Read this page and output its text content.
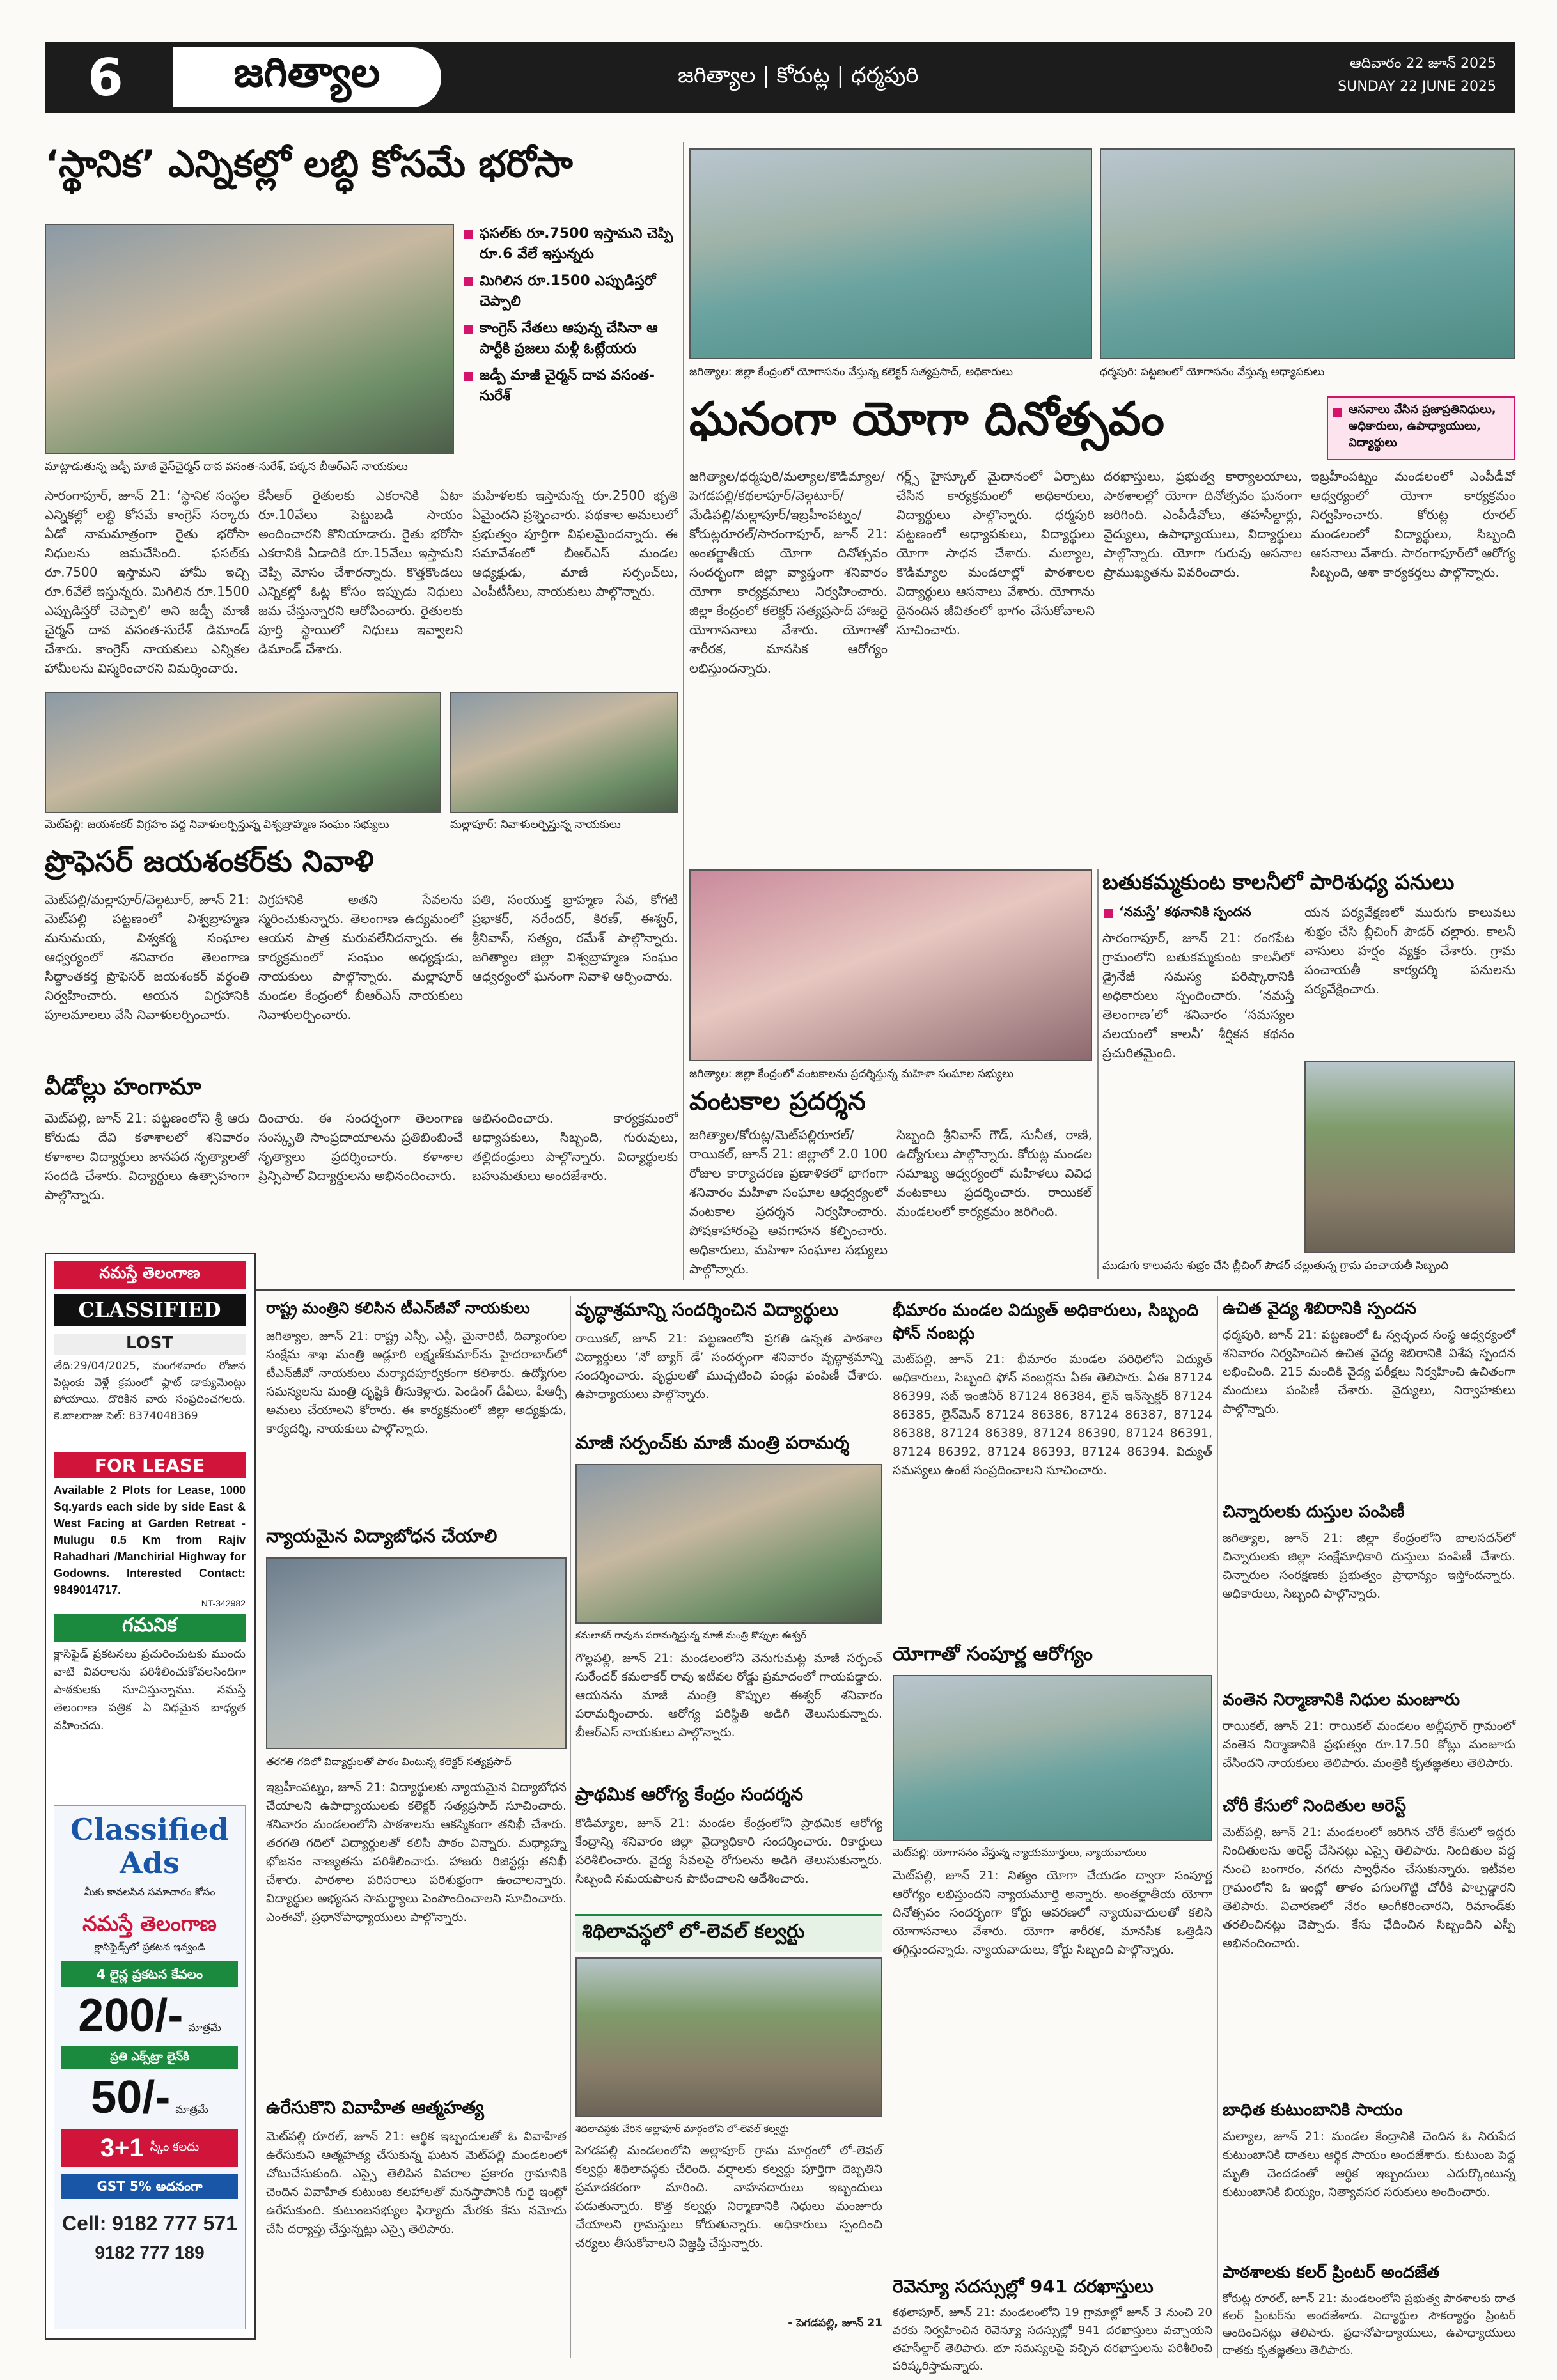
6	జగిత్యాల	జగిత్యాల | కోరుట్ల | ధర్మపురి	ఆదివారం 22 జూన్ 2025
SUNDAY 22 JUNE 2025
‘స్థానిక’ ఎన్నికల్లో లబ్ధి కోసమే భరోసా
మాట్లాడుతున్న జడ్పీ మాజీ వైస్‌చైర్మన్ దావ వసంత-సురేశ్, పక్కన బీఆర్‌ఎస్ నాయకులు
ఫసల్‌కు రూ.7500 ఇస్తామని చెప్పి రూ.6 వేలే ఇస్తున్నరు
మిగిలిన రూ.1500 ఎప్పుడిస్తరో చెప్పాలి
కాంగ్రెస్ నేతలు ఆపున్న చేసినా ఆ పార్టీకి ప్రజలు మళ్లీ ఓట్లేయరు
జడ్పీ మాజీ చైర్మన్ దావ వసంత-సురేశ్
సారంగాపూర్, జూన్ 21: ‘స్థానిక సంస్థల ఎన్నికల్లో లబ్ధి కోసమే కాంగ్రెస్ సర్కారు ఏడో నామమాత్రంగా రైతు భరోసా నిధులను జమచేసింది. ఫసల్‌కు రూ.7500 ఇస్తామని హామీ ఇచ్చి రూ.6వేలే ఇస్తున్నరు. మిగిలిన రూ.1500 ఎప్పుడిస్తరో చెప్పాలి’ అని జడ్పీ మాజీ చైర్మన్ దావ వసంత-సురేశ్ డిమాండ్ చేశారు. కాంగ్రెస్ నాయకులు ఎన్నికల హామీలను విస్మరించారని విమర్శించారు.
కేసీఆర్ రైతులకు ఎకరానికి ఏటా రూ.10వేలు పెట్టుబడి సాయం అందించారని కొనియాడారు. రైతు భరోసా ఎకరానికి ఏడాదికి రూ.15వేలు ఇస్తామని చెప్పి మోసం చేశారన్నారు. కొత్తకొండలు ఎన్నికల్లో ఓట్ల కోసం ఇప్పుడు నిధులు జమ చేస్తున్నారని ఆరోపించారు. రైతులకు పూర్తి స్థాయిలో నిధులు ఇవ్వాలని డిమాండ్ చేశారు.
మహిళలకు ఇస్తామన్న రూ.2500 భృతి ఏమైందని ప్రశ్నించారు. పథకాల అమలులో ప్రభుత్వం పూర్తిగా విఫలమైందన్నారు. ఈ సమావేశంలో బీఆర్‌ఎస్ మండల అధ్యక్షుడు, మాజీ సర్పంచ్‌లు, ఎంపీటీసీలు, నాయకులు పాల్గొన్నారు.
మెట్‌పల్లి: జయశంకర్ విగ్రహం వద్ద నివాళులర్పిస్తున్న విశ్వబ్రాహ్మణ సంఘం సభ్యులు	మల్లాపూర్: నివాళులర్పిస్తున్న నాయకులు
ప్రొఫెసర్ జయశంకర్‌కు నివాళి
మెట్‌పల్లి/మల్లాపూర్/వెల్గటూర్, జూన్ 21: మెట్‌పల్లి పట్టణంలో విశ్వబ్రాహ్మణ మనుమయ, విశ్వకర్మ సంఘాల ఆధ్వర్యంలో శనివారం తెలంగాణ సిద్ధాంతకర్త ప్రొఫెసర్ జయశంకర్ వర్ధంతి నిర్వహించారు. ఆయన విగ్రహానికి పూలమాలలు వేసి నివాళులర్పించారు.
విగ్రహానికి అతని సేవలను స్మరించుకున్నారు. తెలంగాణ ఉద్యమంలో ఆయన పాత్ర మరువలేనిదన్నారు. ఈ కార్యక్రమంలో సంఘం అధ్యక్షుడు, నాయకులు పాల్గొన్నారు. మల్లాపూర్ మండల కేంద్రంలో బీఆర్‌ఎస్ నాయకులు నివాళులర్పించారు.
పతి, సంయుక్త బ్రాహ్మణ సేవ, కోగటి ప్రభాకర్, నరేందర్, కిరణ్, ఈశ్వర్, శ్రీనివాస్, సత్యం, రమేశ్ పాల్గొన్నారు. జగిత్యాల జిల్లా విశ్వబ్రాహ్మణ సంఘం ఆధ్వర్యంలో ఘనంగా నివాళి అర్పించారు.
వీడోల్లు హంగామా
మెట్‌పల్లి, జూన్ 21: పట్టణంలోని శ్రీ ఆరు కోరుడు దేవి కళాశాలలో శనివారం కళాశాల విద్యార్థులు జానపద నృత్యాలతో సందడి చేశారు. విద్యార్థులు ఉత్సాహంగా పాల్గొన్నారు.
దించారు. ఈ సందర్భంగా తెలంగాణ సంస్కృతి సాంప్రదాయాలను ప్రతిబింబించే నృత్యాలు ప్రదర్శించారు. కళాశాల ప్రిన్సిపాల్ విద్యార్థులను అభినందించారు.
అభినందించారు. కార్యక్రమంలో అధ్యాపకులు, సిబ్బంది, గురువులు, తల్లిదండ్రులు పాల్గొన్నారు. విద్యార్థులకు బహుమతులు అందజేశారు.
జగిత్యాల: జిల్లా కేంద్రంలో యోగాసనం వేస్తున్న కలెక్టర్ సత్యప్రసాద్, అధికారులు	ధర్మపురి: పట్టణంలో యోగాసనం వేస్తున్న అధ్యాపకులు
ఘనంగా యోగా దినోత్సవం	ఆసనాలు వేసిన ప్రజాప్రతినిధులు, అధికారులు, ఉపాధ్యాయులు, విద్యార్థులు
జగిత్యాల/ధర్మపురి/మల్యాల/కొడిమ్యాల/పెగడపల్లి/కథలాపూర్/వెల్గటూర్/మేడిపల్లి/మల్లాపూర్/ఇబ్రహీంపట్నం/కోరుట్లరూరల్/సారంగాపూర్, జూన్ 21: అంతర్జాతీయ యోగా దినోత్సవం సందర్భంగా జిల్లా వ్యాప్తంగా శనివారం యోగా కార్యక్రమాలు నిర్వహించారు. జిల్లా కేంద్రంలో కలెక్టర్ సత్యప్రసాద్ హాజరై యోగాసనాలు వేశారు. యోగాతో శారీరక, మానసిక ఆరోగ్యం లభిస్తుందన్నారు.
గర్ల్స్ హైస్కూల్ మైదానంలో ఏర్పాటు చేసిన కార్యక్రమంలో అధికారులు, విద్యార్థులు పాల్గొన్నారు. ధర్మపురి పట్టణంలో అధ్యాపకులు, విద్యార్థులు యోగా సాధన చేశారు. మల్యాల, కొడిమ్యాల మండలాల్లో పాఠశాలల విద్యార్థులు ఆసనాలు వేశారు. యోగాను దైనందిన జీవితంలో భాగం చేసుకోవాలని సూచించారు.
దరఖాస్తులు, ప్రభుత్వ కార్యాలయాలు, పాఠశాలల్లో యోగా దినోత్సవం ఘనంగా జరిగింది. ఎంపీడీవోలు, తహసీల్దార్లు, వైద్యులు, ఉపాధ్యాయులు, విద్యార్థులు పాల్గొన్నారు. యోగా గురువు ఆసనాల ప్రాముఖ్యతను వివరించారు.
ఇబ్రహీంపట్నం మండలంలో ఎంపీడీవో ఆధ్వర్యంలో యోగా కార్యక్రమం నిర్వహించారు. కోరుట్ల రూరల్ మండలంలో విద్యార్థులు, సిబ్బంది ఆసనాలు వేశారు. సారంగాపూర్‌లో ఆరోగ్య సిబ్బంది, ఆశా కార్యకర్తలు పాల్గొన్నారు.
జగిత్యాల: జిల్లా కేంద్రంలో వంటకాలను ప్రదర్శిస్తున్న మహిళా సంఘాల సభ్యులు
వంటకాల ప్రదర్శన
జగిత్యాల/కోరుట్ల/మెట్‌పల్లిరూరల్/రాయికల్, జూన్ 21: జిల్లాలో 2.0 100 రోజుల కార్యాచరణ ప్రణాళికలో భాగంగా శనివారం మహిళా సంఘాల ఆధ్వర్యంలో వంటకాల ప్రదర్శన నిర్వహించారు. పోషకాహారంపై అవగాహన కల్పించారు. అధికారులు, మహిళా సంఘాల సభ్యులు పాల్గొన్నారు.
సిబ్బంది శ్రీనివాస్ గౌడ్, సునీత, రాణి, ఉద్యోగులు పాల్గొన్నారు. కోరుట్ల మండల సమాఖ్య ఆధ్వర్యంలో మహిళలు వివిధ వంటకాలు ప్రదర్శించారు. రాయికల్ మండలంలో కార్యక్రమం జరిగింది.
బతుకమ్మకుంట కాలనీలో పారిశుధ్య పనులు
‘నమస్తే’ కథనానికి స్పందన
సారంగాపూర్, జూన్ 21: రంగపేట గ్రామంలోని బతుకమ్మకుంట కాలనీలో డ్రైనేజీ సమస్య పరిష్కారానికి అధికారులు స్పందించారు. ‘నమస్తే తెలంగాణ’లో శనివారం ‘సమస్యల వలయంలో కాలనీ’ శీర్షికన కథనం ప్రచురితమైంది.
యన పర్యవేక్షణలో మురుగు కాలువలు శుభ్రం చేసి బ్లీచింగ్ పౌడర్ చల్లారు. కాలనీ వాసులు హర్షం వ్యక్తం చేశారు. గ్రామ పంచాయతీ కార్యదర్శి పనులను పర్యవేక్షించారు.
ముడుగు కాలువను శుభ్రం చేసి బ్లీచింగ్ పౌడర్ చల్లుతున్న గ్రామ పంచాయతీ సిబ్బంది
నమస్తే తెలంగాణ
CLASSIFIED
LOST
తేది:29/04/2025, మంగళవారం రోజున పిట్లంకు వెళ్లే క్రమంలో ఫ్లాట్ డాక్యుమెంట్లు పోయాయి. దొరికిన వారు సంప్రదించగలరు. కె.బాలరాజు సెల్: 8374048369
FOR LEASE
Available 2 Plots for Lease, 1000 Sq.yards each side by side East & West Facing at Garden Retreat - Mulugu 0.5 Km from Rajiv Rahadhari /Manchirial Highway for Godowns. Interested Contact: 9849014717.
NT-342982
గమనిక
క్లాసిఫైడ్ ప్రకటనలు ప్రచురించుటకు ముందు వాటి వివరాలను పరిశీలించుకోవలసిందిగా పాఠకులకు సూచిస్తున్నాము. నమస్తే తెలంగాణ పత్రిక ఏ విధమైన బాధ్యత వహించదు.
Classified Ads
మీకు కావలసిన సమాచారం కోసం
నమస్తే తెలంగాణ
క్లాసిఫైడ్స్‌లో ప్రకటన ఇవ్వండి
4 లైన్ల ప్రకటన కేవలం
200/- మాత్రమే
ప్రతి ఎక్స్‌ట్రా లైన్‌కి
50/- మాత్రమే
3+1 స్కీం కలదు
GST 5% అదనంగా
Cell: 9182 777 571
9182 777 189
రాష్ట్ర మంత్రిని కలిసిన టీఎన్‌జీవో నాయకులు
జగిత్యాల, జూన్ 21: రాష్ట్ర ఎస్సీ, ఎస్టీ, మైనారిటీ, దివ్యాంగుల సంక్షేమ శాఖ మంత్రి అడ్లూరి లక్ష్మణ్‌కుమార్‌ను హైదరాబాద్‌లో టీఎన్‌జీవో నాయకులు మర్యాదపూర్వకంగా కలిశారు. ఉద్యోగుల సమస్యలను మంత్రి దృష్టికి తీసుకెళ్లారు. పెండింగ్ డీఏలు, పీఆర్సీ అమలు చేయాలని కోరారు. ఈ కార్యక్రమంలో జిల్లా అధ్యక్షుడు, కార్యదర్శి, నాయకులు పాల్గొన్నారు.
న్యాయమైన విద్యాబోధన చేయాలి
తరగతి గదిలో విద్యార్థులతో పాఠం వింటున్న కలెక్టర్ సత్యప్రసాద్
ఇబ్రహీంపట్నం, జూన్ 21: విద్యార్థులకు న్యాయమైన విద్యాబోధన చేయాలని ఉపాధ్యాయులకు కలెక్టర్ సత్యప్రసాద్ సూచించారు. శనివారం మండలంలోని పాఠశాలను ఆకస్మికంగా తనిఖీ చేశారు. తరగతి గదిలో విద్యార్థులతో కలిసి పాఠం విన్నారు. మధ్యాహ్న భోజనం నాణ్యతను పరిశీలించారు. హాజరు రిజిస్టర్లు తనిఖీ చేశారు. పాఠశాల పరిసరాలు పరిశుభ్రంగా ఉంచాలన్నారు. విద్యార్థుల అభ్యసన సామర్థ్యాలు పెంపొందించాలని సూచించారు. ఎంఈవో, ప్రధానోపాధ్యాయులు పాల్గొన్నారు.
ఉరేసుకొని వివాహిత ఆత్మహత్య
మెట్‌పల్లి రూరల్, జూన్ 21: ఆర్థిక ఇబ్బందులతో ఓ వివాహిత ఉరేసుకుని ఆత్మహత్య చేసుకున్న ఘటన మెట్‌పల్లి మండలంలో చోటుచేసుకుంది. ఎస్సై తెలిపిన వివరాల ప్రకారం గ్రామానికి చెందిన వివాహిత కుటుంబ కలహాలతో మనస్తాపానికి గురై ఇంట్లో ఉరేసుకుంది. కుటుంబసభ్యుల ఫిర్యాదు మేరకు కేసు నమోదు చేసి దర్యాప్తు చేస్తున్నట్లు ఎస్సై తెలిపారు.
వృద్ధాశ్రమాన్ని సందర్శించిన విద్యార్థులు
రాయికల్, జూన్ 21: పట్టణంలోని ప్రగతి ఉన్నత పాఠశాల విద్యార్థులు ‘నో బ్యాగ్ డే’ సందర్భంగా శనివారం వృద్ధాశ్రమాన్ని సందర్శించారు. వృద్ధులతో ముచ్చటించి పండ్లు పంపిణీ చేశారు. ఉపాధ్యాయులు పాల్గొన్నారు.
మాజీ సర్పంచ్‌కు మాజీ మంత్రి పరామర్శ
కమలాకర్ రావును పరామర్శిస్తున్న మాజీ మంత్రి కొప్పుల ఈశ్వర్
గొల్లపల్లి, జూన్ 21: మండలంలోని వెనుగుమట్ల మాజీ సర్పంచ్ సురేందర్ కమలాకర్ రావు ఇటీవల రోడ్డు ప్రమాదంలో గాయపడ్డారు. ఆయనను మాజీ మంత్రి కొప్పుల ఈశ్వర్ శనివారం పరామర్శించారు. ఆరోగ్య పరిస్థితి అడిగి తెలుసుకున్నారు. బీఆర్‌ఎస్ నాయకులు పాల్గొన్నారు.
ప్రాథమిక ఆరోగ్య కేంద్రం సందర్శన
కొడిమ్యాల, జూన్ 21: మండల కేంద్రంలోని ప్రాథమిక ఆరోగ్య కేంద్రాన్ని శనివారం జిల్లా వైద్యాధికారి సందర్శించారు. రికార్డులు పరిశీలించారు. వైద్య సేవలపై రోగులను అడిగి తెలుసుకున్నారు. సిబ్బంది సమయపాలన పాటించాలని ఆదేశించారు.
శిథిలావస్థలో లో-లెవల్ కల్వర్టు
శిథిలావస్థకు చేరిన అల్లాపూర్ మార్గంలోని లో-లెవల్ కల్వర్టు
పెగడపల్లి మండలంలోని అల్లాపూర్ గ్రామ మార్గంలో లో-లెవల్ కల్వర్టు శిథిలావస్థకు చేరింది. వర్షాలకు కల్వర్టు పూర్తిగా దెబ్బతిని ప్రమాదకరంగా మారింది. వాహనదారులు ఇబ్బందులు పడుతున్నారు. కొత్త కల్వర్టు నిర్మాణానికి నిధులు మంజూరు చేయాలని గ్రామస్తులు కోరుతున్నారు. అధికారులు స్పందించి చర్యలు తీసుకోవాలని విజ్ఞప్తి చేస్తున్నారు.
- పెగడపల్లి, జూన్ 21
భీమారం మండల విద్యుత్ అధికారులు, సిబ్బంది ఫోన్ నంబర్లు
మెట్‌పల్లి, జూన్ 21: భీమారం మండల పరిధిలోని విద్యుత్ అధికారులు, సిబ్బంది ఫోన్ నంబర్లను ఏఈ తెలిపారు. ఏఈ 87124 86399, సబ్ ఇంజినీర్ 87124 86384, లైన్ ఇన్‌స్పెక్టర్ 87124 86385, లైన్‌మెన్ 87124 86386, 87124 86387, 87124 86388, 87124 86389, 87124 86390, 87124 86391, 87124 86392, 87124 86393, 87124 86394. విద్యుత్ సమస్యలు ఉంటే సంప్రదించాలని సూచించారు.
యోగాతో సంపూర్ణ ఆరోగ్యం
మెట్‌పల్లి: యోగాసనం వేస్తున్న న్యాయమూర్తులు, న్యాయవాదులు
మెట్‌పల్లి, జూన్ 21: నిత్యం యోగా చేయడం ద్వారా సంపూర్ణ ఆరోగ్యం లభిస్తుందని న్యాయమూర్తి అన్నారు. అంతర్జాతీయ యోగా దినోత్సవం సందర్భంగా కోర్టు ఆవరణలో న్యాయవాదులతో కలిసి యోగాసనాలు వేశారు. యోగా శారీరక, మానసిక ఒత్తిడిని తగ్గిస్తుందన్నారు. న్యాయవాదులు, కోర్టు సిబ్బంది పాల్గొన్నారు.
రెవెన్యూ సదస్సుల్లో 941 దరఖాస్తులు
కథలాపూర్, జూన్ 21: మండలంలోని 19 గ్రామాల్లో జూన్ 3 నుంచి 20 వరకు నిర్వహించిన రెవెన్యూ సదస్సుల్లో 941 దరఖాస్తులు వచ్చాయని తహసీల్దార్ తెలిపారు. భూ సమస్యలపై వచ్చిన దరఖాస్తులను పరిశీలించి పరిష్కరిస్తామన్నారు.
ఉచిత వైద్య శిబిరానికి స్పందన
ధర్మపురి, జూన్ 21: పట్టణంలో ఓ స్వచ్ఛంద సంస్థ ఆధ్వర్యంలో శనివారం నిర్వహించిన ఉచిత వైద్య శిబిరానికి విశేష స్పందన లభించింది. 215 మందికి వైద్య పరీక్షలు నిర్వహించి ఉచితంగా మందులు పంపిణీ చేశారు. వైద్యులు, నిర్వాహకులు పాల్గొన్నారు.
చిన్నారులకు దుస్తుల పంపిణీ
జగిత్యాల, జూన్ 21: జిల్లా కేంద్రంలోని బాలసదన్‌లో చిన్నారులకు జిల్లా సంక్షేమాధికారి దుస్తులు పంపిణీ చేశారు. చిన్నారుల సంరక్షణకు ప్రభుత్వం ప్రాధాన్యం ఇస్తోందన్నారు. అధికారులు, సిబ్బంది పాల్గొన్నారు.
వంతెన నిర్మాణానికి నిధుల మంజూరు
రాయికల్, జూన్ 21: రాయికల్ మండలం అల్లీపూర్ గ్రామంలో వంతెన నిర్మాణానికి ప్రభుత్వం రూ.17.50 కోట్లు మంజూరు చేసిందని నాయకులు తెలిపారు. మంత్రికి కృతజ్ఞతలు తెలిపారు.
చోరీ కేసులో నిందితుల అరెస్ట్
మెట్‌పల్లి, జూన్ 21: మండలంలో జరిగిన చోరీ కేసులో ఇద్దరు నిందితులను అరెస్ట్ చేసినట్లు ఎస్సై తెలిపారు. నిందితుల వద్ద నుంచి బంగారం, నగదు స్వాధీనం చేసుకున్నారు. ఇటీవల గ్రామంలోని ఓ ఇంట్లో తాళం పగులగొట్టి చోరీకి పాల్పడ్డారని తెలిపారు. విచారణలో నేరం అంగీకరించారని, రిమాండ్‌కు తరలించినట్లు చెప్పారు. కేసు ఛేదించిన సిబ్బందిని ఎస్పీ అభినందించారు.
బాధిత కుటుంబానికి సాయం
మల్యాల, జూన్ 21: మండల కేంద్రానికి చెందిన ఓ నిరుపేద కుటుంబానికి దాతలు ఆర్థిక సాయం అందజేశారు. కుటుంబ పెద్ద మృతి చెందడంతో ఆర్థిక ఇబ్బందులు ఎదుర్కొంటున్న కుటుంబానికి బియ్యం, నిత్యావసర సరుకులు అందించారు.
పాఠశాలకు కలర్ ప్రింటర్ అందజేత
కోరుట్ల రూరల్, జూన్ 21: మండలంలోని ప్రభుత్వ పాఠశాలకు దాత కలర్ ప్రింటర్‌ను అందజేశారు. విద్యార్థుల సౌకర్యార్థం ప్రింటర్ అందించినట్లు తెలిపారు. ప్రధానోపాధ్యాయులు, ఉపాధ్యాయులు దాతకు కృతజ్ఞతలు తెలిపారు.
